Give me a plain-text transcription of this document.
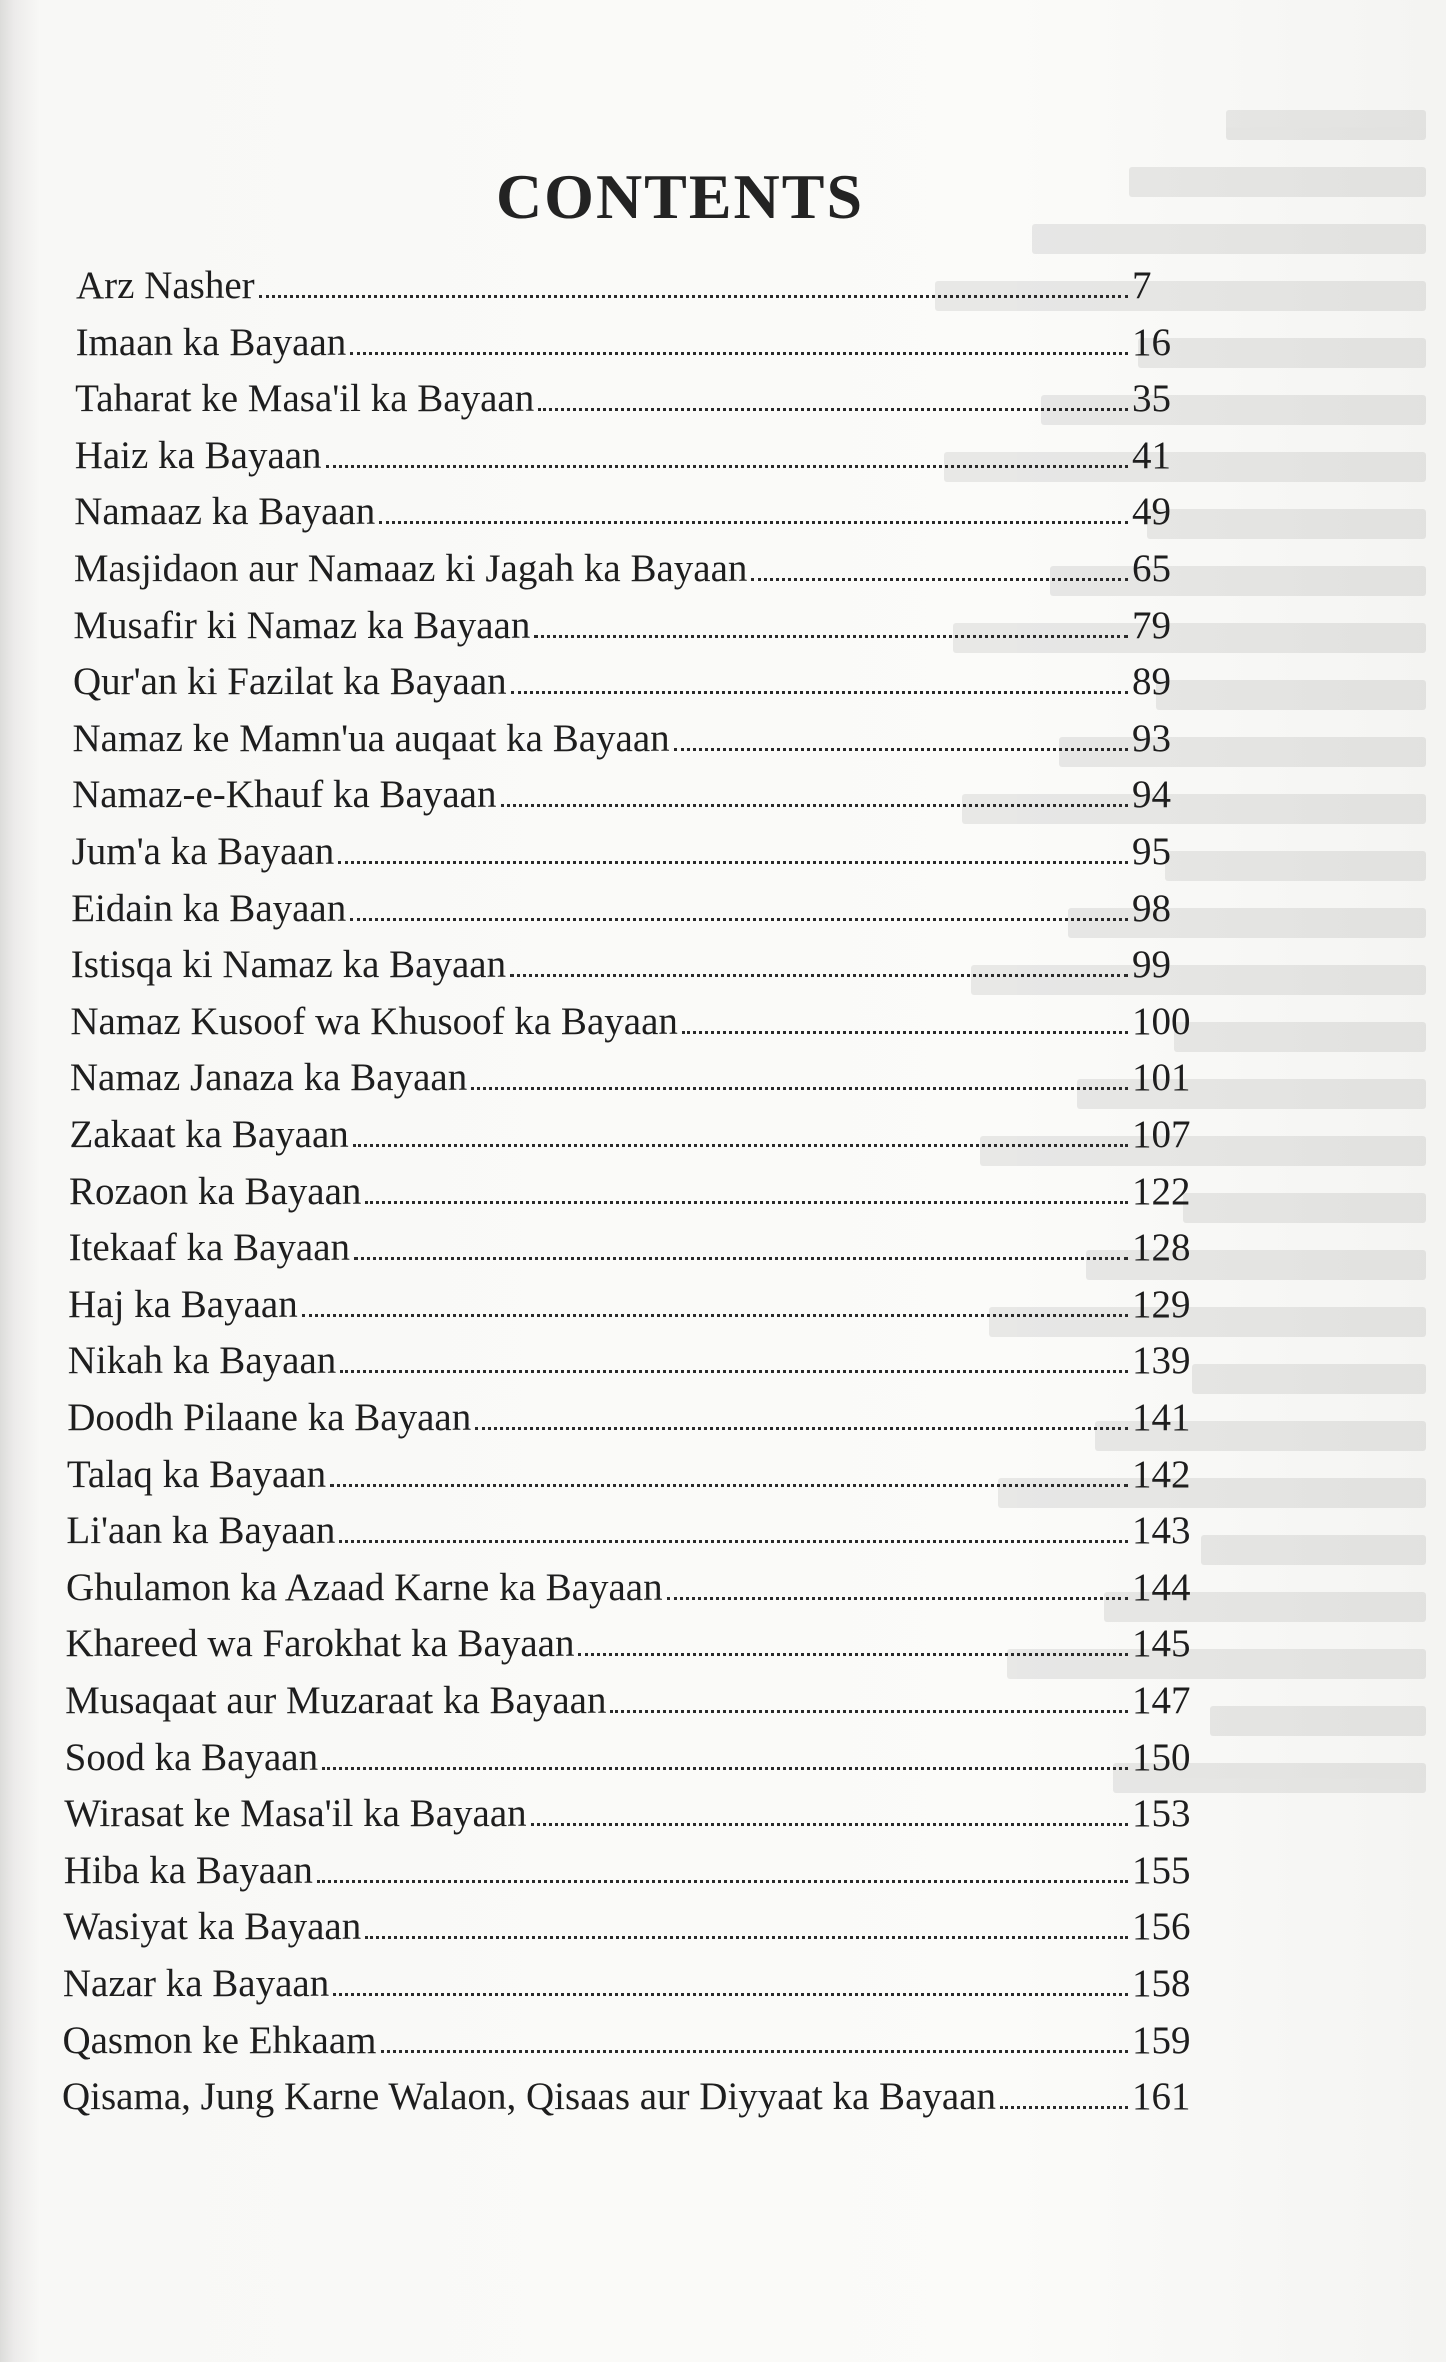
CONTENTS
Arz Nasher	7
Imaan ka Bayaan	16
Taharat ke Masa'il ka Bayaan	35
Haiz ka Bayaan	41
Namaaz ka Bayaan	49
Masjidaon aur Namaaz ki Jagah ka Bayaan	65
Musafir ki Namaz ka Bayaan	79
Qur'an ki Fazilat ka Bayaan	89
Namaz ke Mamn'ua auqaat ka Bayaan	93
Namaz-e-Khauf ka Bayaan	94
Jum'a ka Bayaan	95
Eidain ka Bayaan	98
Istisqa ki Namaz ka Bayaan	99
Namaz Kusoof wa Khusoof ka Bayaan	100
Namaz Janaza ka Bayaan	101
Zakaat ka Bayaan	107
Rozaon ka Bayaan	122
Itekaaf ka Bayaan	128
Haj ka Bayaan	129
Nikah ka Bayaan	139
Doodh Pilaane ka Bayaan	141
Talaq ka Bayaan	142
Li'aan ka Bayaan	143
Ghulamon ka Azaad Karne ka Bayaan	144
Khareed wa Farokhat ka Bayaan	145
Musaqaat aur Muzaraat ka Bayaan	147
Sood ka Bayaan	150
Wirasat ke Masa'il ka Bayaan	153
Hiba ka Bayaan	155
Wasiyat ka Bayaan	156
Nazar ka Bayaan	158
Qasmon ke Ehkaam	159
Qisama, Jung Karne Walaon, Qisaas aur Diyyaat ka Bayaan	161
